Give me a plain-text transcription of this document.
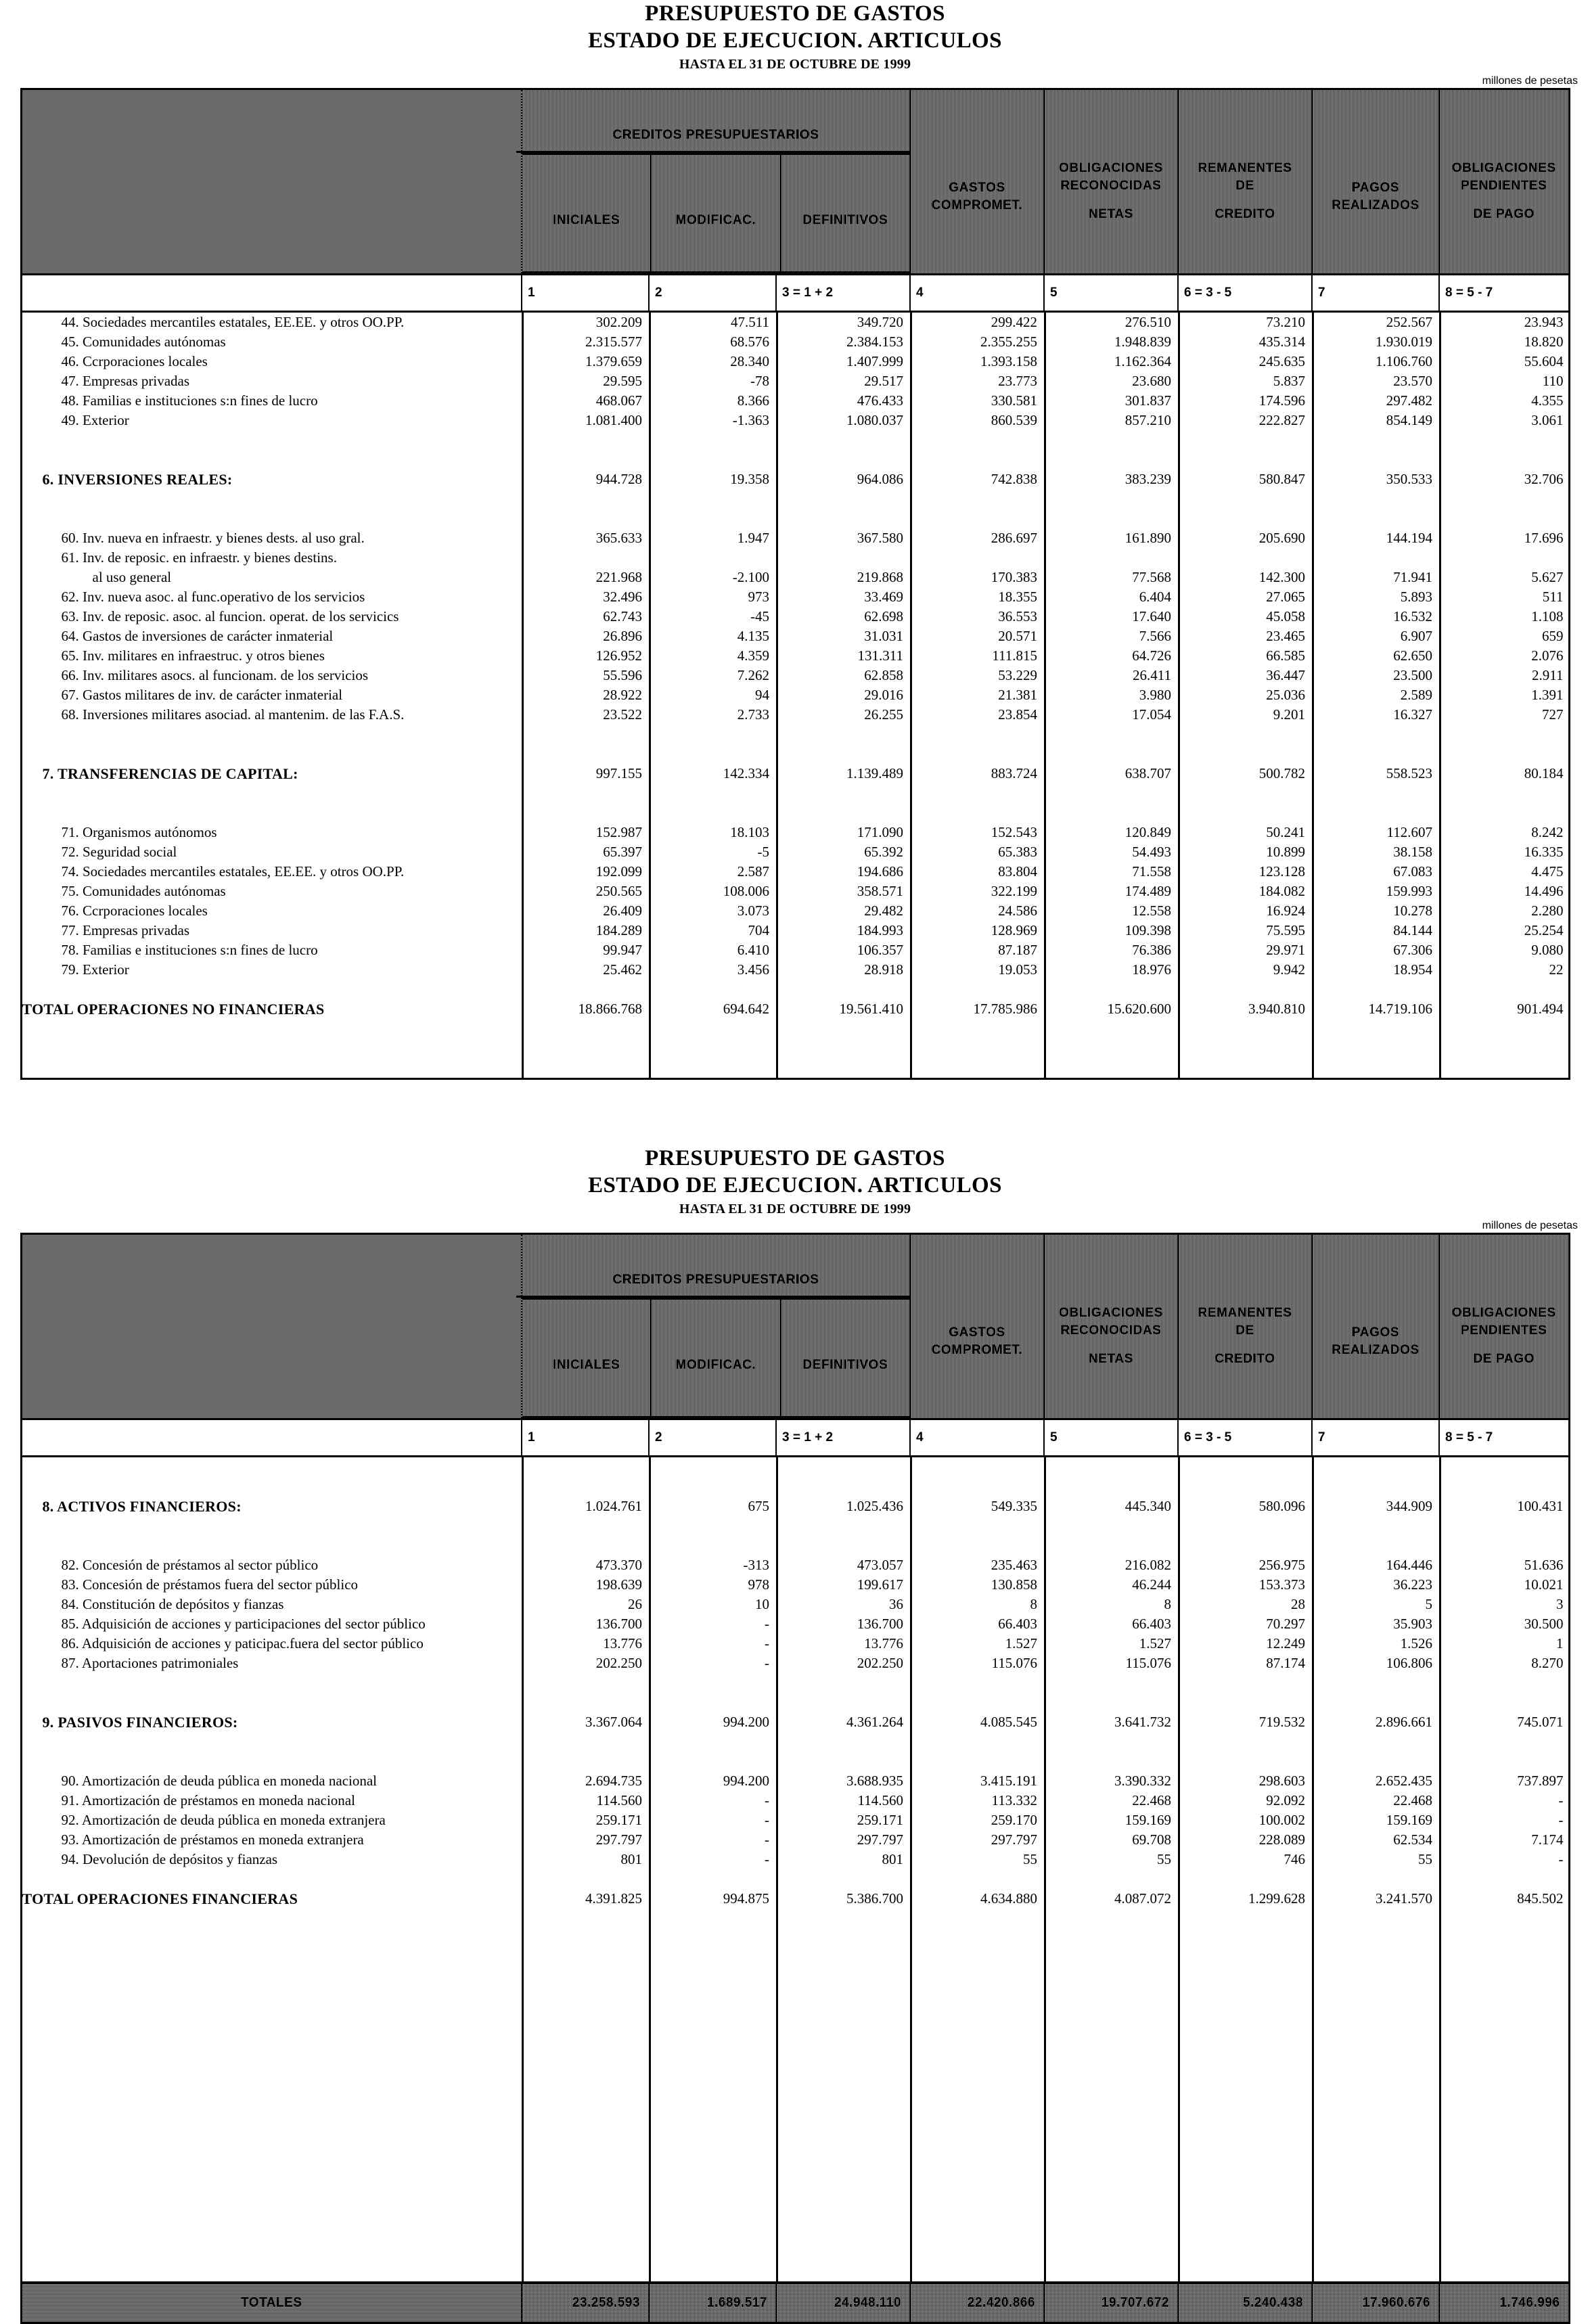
PRESUPUESTO DE GASTOS
ESTADO DE EJECUCION. ARTICULOS
HASTA EL 31 DE OCTUBRE DE 1999
millones de pesetas

CREDITOS PRESUPUESTARIOS
INICIALES	MODIFICAC.	DEFINITIVOS

GASTOS
COMPROMET.

OBLIGACIONES
RECONOCIDAS
NETAS

REMANENTES
DE
CREDITO

PAGOS
REALIZADOS

OBLIGACIONES
PENDIENTES
DE PAGO

	1	2	3 = 1 + 2	4	5	6 = 3 - 5	7	8 = 5 - 7

44. Sociedades mercantiles estatales, EE.EE. y otros OO.PP.	302.209	47.511	349.720	299.422	276.510	73.210	252.567	23.943
45. Comunidades autónomas	2.315.577	68.576	2.384.153	2.355.255	1.948.839	435.314	1.930.019	18.820
46. Ccrporaciones locales	1.379.659	28.340	1.407.999	1.393.158	1.162.364	245.635	1.106.760	55.604
47. Empresas privadas	29.595	-78	29.517	23.773	23.680	5.837	23.570	110
48. Familias e instituciones s:n fines de lucro	468.067	8.366	476.433	330.581	301.837	174.596	297.482	4.355
49. Exterior	1.081.400	-1.363	1.080.037	860.539	857.210	222.827	854.149	3.061

6. INVERSIONES REALES:	944.728	19.358	964.086	742.838	383.239	580.847	350.533	32.706

60. Inv. nueva en infraestr. y bienes dests. al uso gral.	365.633	1.947	367.580	286.697	161.890	205.690	144.194	17.696
61. Inv. de reposic. en infraestr. y bienes destins.								
al uso general	221.968	-2.100	219.868	170.383	77.568	142.300	71.941	5.627
62. Inv. nueva asoc. al func.operativo de los servicios	32.496	973	33.469	18.355	6.404	27.065	5.893	511
63. Inv. de reposic. asoc. al funcion. operat. de los servicics	62.743	-45	62.698	36.553	17.640	45.058	16.532	1.108
64. Gastos de inversiones de carácter inmaterial	26.896	4.135	31.031	20.571	7.566	23.465	6.907	659
65. Inv. militares en infraestruc. y otros bienes	126.952	4.359	131.311	111.815	64.726	66.585	62.650	2.076
66. Inv. militares asocs. al funcionam. de los servicios	55.596	7.262	62.858	53.229	26.411	36.447	23.500	2.911
67. Gastos militares de inv. de carácter inmaterial	28.922	94	29.016	21.381	3.980	25.036	2.589	1.391
68. Inversiones militares asociad. al mantenim. de las F.A.S.	23.522	2.733	26.255	23.854	17.054	9.201	16.327	727

7. TRANSFERENCIAS DE CAPITAL:	997.155	142.334	1.139.489	883.724	638.707	500.782	558.523	80.184

71. Organismos autónomos	152.987	18.103	171.090	152.543	120.849	50.241	112.607	8.242
72. Seguridad social	65.397	-5	65.392	65.383	54.493	10.899	38.158	16.335
74. Sociedades mercantiles estatales, EE.EE. y otros OO.PP.	192.099	2.587	194.686	83.804	71.558	123.128	67.083	4.475
75. Comunidades autónomas	250.565	108.006	358.571	322.199	174.489	184.082	159.993	14.496
76. Ccrporaciones locales	26.409	3.073	29.482	24.586	12.558	16.924	10.278	2.280
77. Empresas privadas	184.289	704	184.993	128.969	109.398	75.595	84.144	25.254
78. Familias e instituciones s:n fines de lucro	99.947	6.410	106.357	87.187	76.386	29.971	67.306	9.080
79. Exterior	25.462	3.456	28.918	19.053	18.976	9.942	18.954	22

TOTAL OPERACIONES NO FINANCIERAS	18.866.768	694.642	19.561.410	17.785.986	15.620.600	3.940.810	14.719.106	901.494

PRESUPUESTO DE GASTOS
ESTADO DE EJECUCION. ARTICULOS
HASTA EL 31 DE OCTUBRE DE 1999
millones de pesetas

CREDITOS PRESUPUESTARIOS
INICIALES	MODIFICAC.	DEFINITIVOS

GASTOS
COMPROMET.

OBLIGACIONES
RECONOCIDAS
NETAS

REMANENTES
DE
CREDITO

PAGOS
REALIZADOS

OBLIGACIONES
PENDIENTES
DE PAGO

	1	2	3 = 1 + 2	4	5	6 = 3 - 5	7	8 = 5 - 7

8. ACTIVOS FINANCIEROS:	1.024.761	675	1.025.436	549.335	445.340	580.096	344.909	100.431

82. Concesión de préstamos al sector público	473.370	-313	473.057	235.463	216.082	256.975	164.446	51.636
83. Concesión de préstamos fuera del sector público	198.639	978	199.617	130.858	46.244	153.373	36.223	10.021
84. Constitución de depósitos y fianzas	26	10	36	8	8	28	5	3
85. Adquisición de acciones y participaciones del sector público	136.700	-	136.700	66.403	66.403	70.297	35.903	30.500
86. Adquisición de acciones y paticipac.fuera del sector público	13.776	-	13.776	1.527	1.527	12.249	1.526	1
87. Aportaciones patrimoniales	202.250	-	202.250	115.076	115.076	87.174	106.806	8.270

9. PASIVOS FINANCIEROS:	3.367.064	994.200	4.361.264	4.085.545	3.641.732	719.532	2.896.661	745.071

90. Amortización de deuda pública en moneda nacional	2.694.735	994.200	3.688.935	3.415.191	3.390.332	298.603	2.652.435	737.897
91. Amortización de préstamos en moneda nacional	114.560	-	114.560	113.332	22.468	92.092	22.468	-
92. Amortización de deuda pública en moneda extranjera	259.171	-	259.171	259.170	159.169	100.002	159.169	-
93. Amortización de préstamos en moneda extranjera	297.797	-	297.797	297.797	69.708	228.089	62.534	7.174
94. Devolución de depósitos y fianzas	801	-	801	55	55	746	55	-

TOTAL OPERACIONES FINANCIERAS	4.391.825	994.875	5.386.700	4.634.880	4.087.072	1.299.628	3.241.570	845.502

TOTALES	23.258.593	1.689.517	24.948.110	22.420.866	19.707.672	5.240.438	17.960.676	1.746.996
